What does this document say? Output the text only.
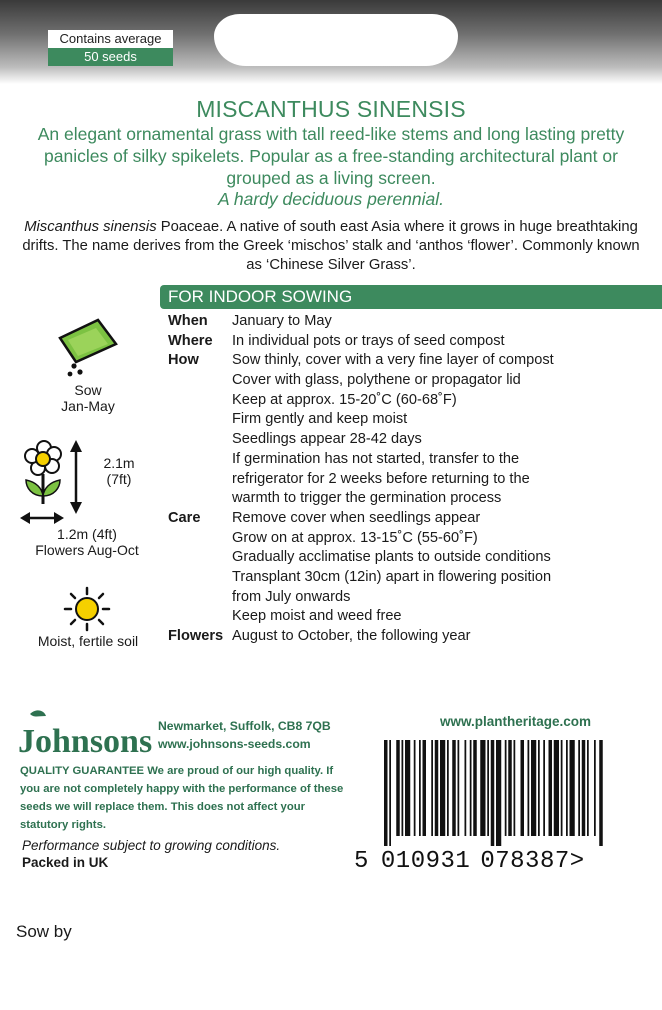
Contains average
50 seeds
MISCANTHUS SINENSIS
An elegant ornamental grass with tall reed-like stems and long lasting pretty panicles of silky spikelets. Popular as a free-standing architectural plant or grouped as a living screen.
A hardy deciduous perennial.
Miscanthus sinensis Poaceae. A native of south east Asia where it grows in huge breathtaking drifts. The name derives from the Greek ‘mischos’ stalk and ‘anthos ‘flower’. Commonly known as ‘Chinese Silver Grass’.
FOR INDOOR SOWING
When January to May
Where In individual pots or trays of seed compost
How Sow thinly, cover with a very fine layer of compost
Cover with glass, polythene or propagator lid
Keep at approx. 15-20˚C (60-68˚F)
Firm gently and keep moist
Seedlings appear 28-42 days
If germination has not started, transfer to the
refrigerator for 2 weeks before returning to the
warmth to trigger the germination process
Care Remove cover when seedlings appear
Grow on at approx. 13-15˚C (55-60˚F)
Gradually acclimatise plants to outside conditions
Transplant 30cm (12in) apart in flowering position
from July onwards
Keep moist and weed free
Flowers August to October, the following year
Sow
Jan-May
2.1m
(7ft)
1.2m (4ft)
Flowers Aug-Oct
Moist, fertile soil
Johnsons Newmarket, Suffolk, CB8 7QB
www.johnsons-seeds.com
www.plantheritage.com
QUALITY GUARANTEE We are proud of our high quality. If you are not completely happy with the performance of these seeds we will replace them. This does not affect your statutory rights.
Performance subject to growing conditions.
Packed in UK	5 010931 078387>
Sow by
